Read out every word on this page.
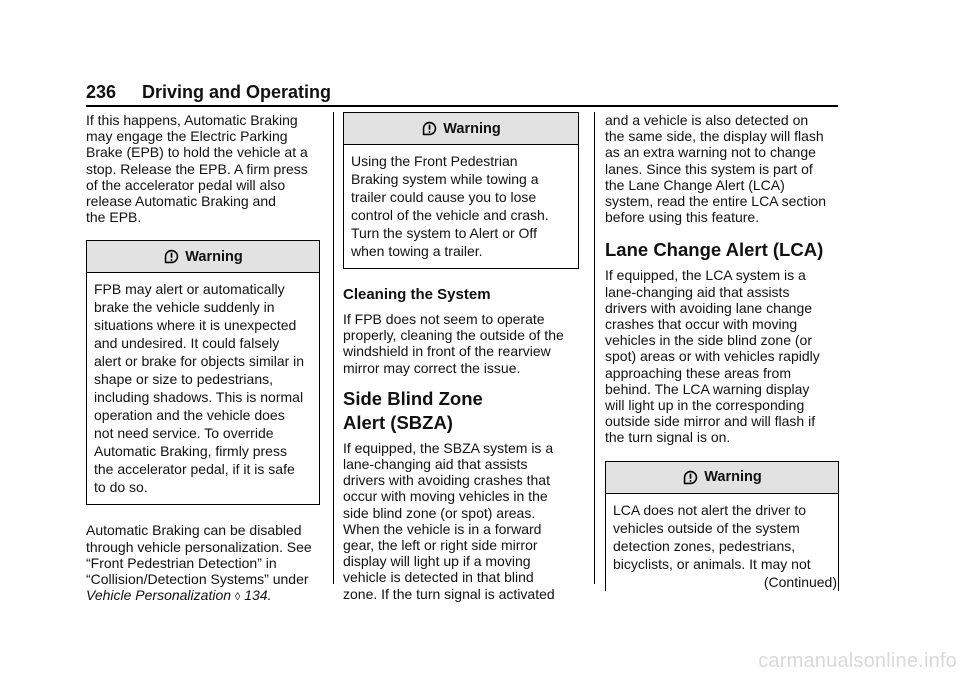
236 Driving and Operating
If this happens, Automatic Braking
may engage the Electric Parking
Brake (EPB) to hold the vehicle at a
stop. Release the EPB. A firm press
of the accelerator pedal will also
release Automatic Braking and
the EPB.
Warning
FPB may alert or automatically
brake the vehicle suddenly in
situations where it is unexpected
and undesired. It could falsely
alert or brake for objects similar in
shape or size to pedestrians,
including shadows. This is normal
operation and the vehicle does
not need service. To override
Automatic Braking, firmly press
the accelerator pedal, if it is safe
to do so.
Automatic Braking can be disabled
through vehicle personalization. See
“Front Pedestrian Detection” in
“Collision/Detection Systems” under
Vehicle Personalization ◊ 134.
Warning
Using the Front Pedestrian
Braking system while towing a
trailer could cause you to lose
control of the vehicle and crash.
Turn the system to Alert or Off
when towing a trailer.
Cleaning the System
If FPB does not seem to operate
properly, cleaning the outside of the
windshield in front of the rearview
mirror may correct the issue.
Side Blind Zone
Alert (SBZA)
If equipped, the SBZA system is a
lane-changing aid that assists
drivers with avoiding crashes that
occur with moving vehicles in the
side blind zone (or spot) areas.
When the vehicle is in a forward
gear, the left or right side mirror
display will light up if a moving
vehicle is detected in that blind
zone. If the turn signal is activated
and a vehicle is also detected on
the same side, the display will flash
as an extra warning not to change
lanes. Since this system is part of
the Lane Change Alert (LCA)
system, read the entire LCA section
before using this feature.
Lane Change Alert (LCA)
If equipped, the LCA system is a
lane-changing aid that assists
drivers with avoiding lane change
crashes that occur with moving
vehicles in the side blind zone (or
spot) areas or with vehicles rapidly
approaching these areas from
behind. The LCA warning display
will light up in the corresponding
outside side mirror and will flash if
the turn signal is on.
Warning
LCA does not alert the driver to
vehicles outside of the system
detection zones, pedestrians,
bicyclists, or animals. It may not
(Continued)
carmanualsonline.info
